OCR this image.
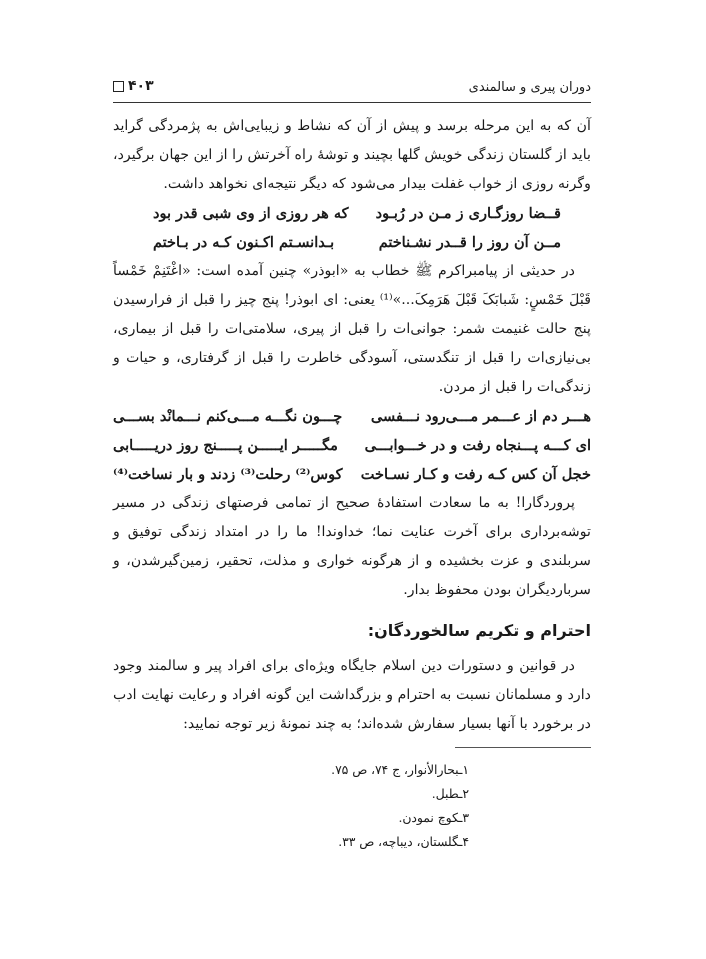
دوران پیری و سالمندی
۴۰۳

آن که به این مرحله برسد و پیش از آن که نشاط و زیبایی‌اش به پژمردگی گراید باید از گلستان زندگی خویش گلها بچیند و توشهٔ راه آخرتش را از این جهان برگیرد، وگرنه روزی از خواب غفلت بیدار می‌شود که دیگر نتیجه‌ای نخواهد داشت.

قــضا روزگـاری ز مـن در رُبـود
که هر روزی از وی شبی قدر بود
مــن آن روز را قــدر نشـناختم
بـدانسـتم اکـنون کـه در بـاختم

در حدیثی از پیامبراکرم ﷺ خطاب به «ابوذر» چنین آمده است: «اغْتَنِمْ خَمْساً قَبْلَ خَمْسٍ: شَبابَکَ قَبْلَ هَرَمِکَ...»⁽¹⁾ یعنی: ای ابوذر! پنج چیز را قبل از فرارسیدن پنج حالت غنیمت شمر: جوانی‌ات را قبل از پیری، سلامتی‌ات را قبل از بیماری، بی‌نیازی‌ات را قبل از تنگدستی، آسودگی خاطرت را قبل از گرفتاری، و حیات و زندگی‌ات را قبل از مردن.

هـــر دم از عـــمر مـــی‌رود نـــفسی
چـــون نگـــه مـــی‌کنم نـــمانْد بســـی
ای کـــه پـــنجاه رفت و در خـــوابـــی
مگـــــر ایـــــن پـــــنج روز دریـــــابی
خجل آن کس کـه رفت و کـار نسـاخت
کوس⁽²⁾ رحلت⁽³⁾ زدند و بار نساخت⁽⁴⁾

پروردگارا! به ما سعادت استفادهٔ صحیح از تمامی فرصتهای زندگی در مسیر توشه‌برداری برای آخرت عنایت نما؛ خداوندا! ما را در امتداد زندگی توفیق و سربلندی و عزت بخشیده و از هرگونه خواری و مذلت، تحقیر، زمین‌گیرشدن، و سرباردیگران بودن محفوظ بدار.

احترام و تکریم سالخوردگان:

در قوانین و دستورات دین اسلام جایگاه ویژه‌ای برای افراد پیر و سالمند وجود دارد و مسلمانان نسبت به احترام و بزرگداشت این گونه افراد و رعایت نهایت ادب در برخورد با آنها بسیار سفارش شده‌اند؛ به چند نمونهٔ زیر توجه نمایید:

۱ـبحارالأنوار، ج ۷۴، ص ۷۵.

۲ـطبل.

۳ـکوچ نمودن.

۴ـگلستان، دیباچه، ص ۳۳.
